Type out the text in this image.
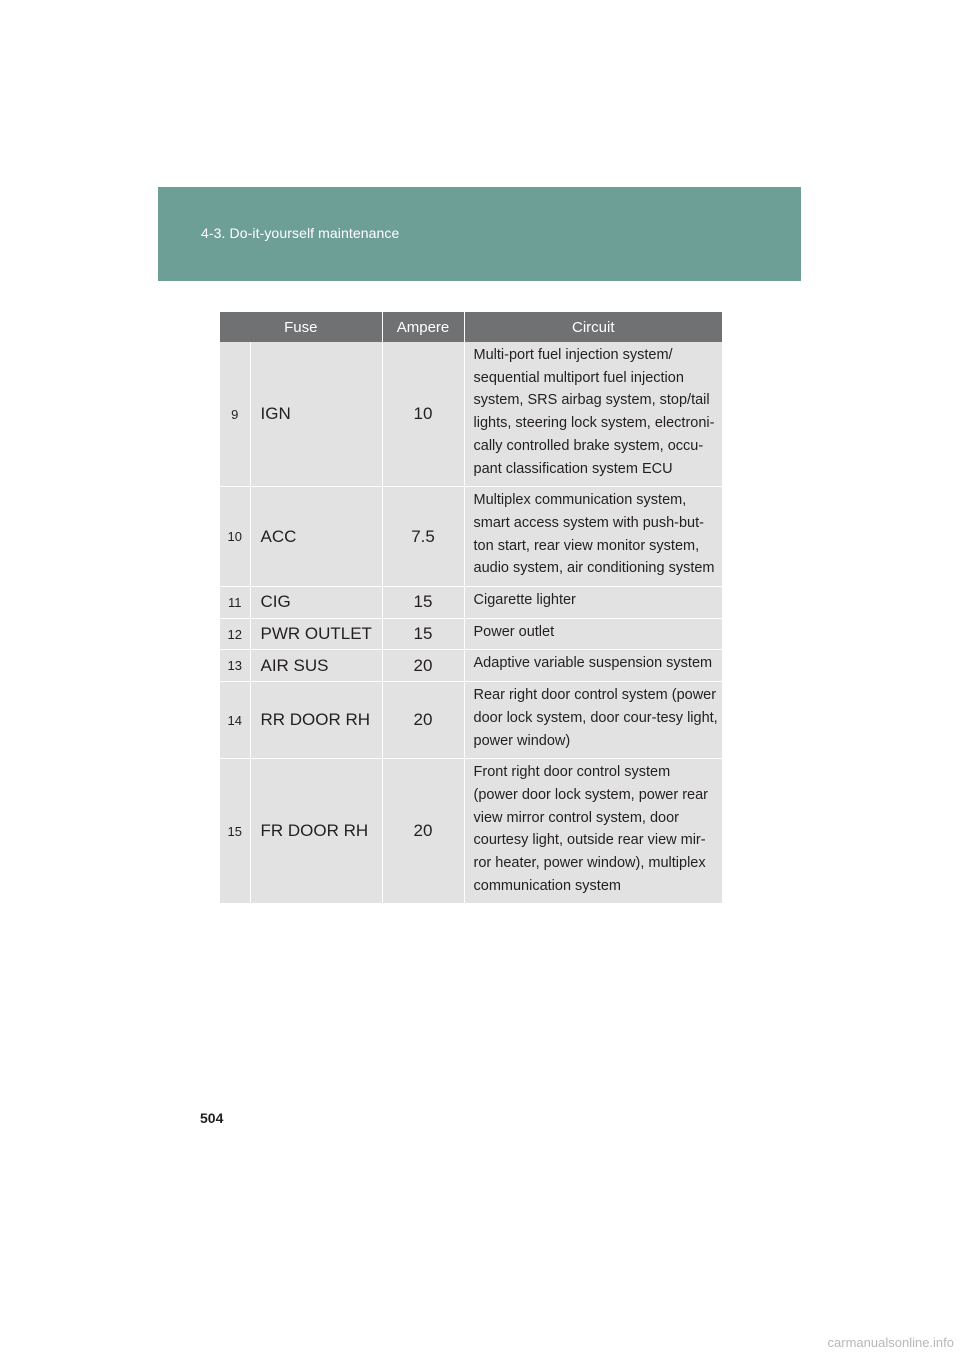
4-3. Do-it-yourself maintenance
Fuse		Ampere	Circuit
9	IGN	10	Multi-port fuel injection system/ sequential multiport fuel injection system, SRS airbag system, stop/tail lights, steering lock system, electroni-cally controlled brake system, occu-pant classification system ECU
10	ACC	7.5	Multiplex communication system, smart access system with push-but-ton start, rear view monitor system, audio system, air conditioning system
11	CIG	15	Cigarette lighter
12	PWR OUTLET	15	Power outlet
13	AIR SUS	20	Adaptive variable suspension system
14	RR DOOR RH	20	Rear right door control system (power door lock system, door cour-tesy light, power window)
15	FR DOOR RH	20	Front right door control system (power door lock system, power rear view mirror control system, door courtesy light, outside rear view mir-ror heater, power window), multiplex communication system
504
carmanualsonline.info
